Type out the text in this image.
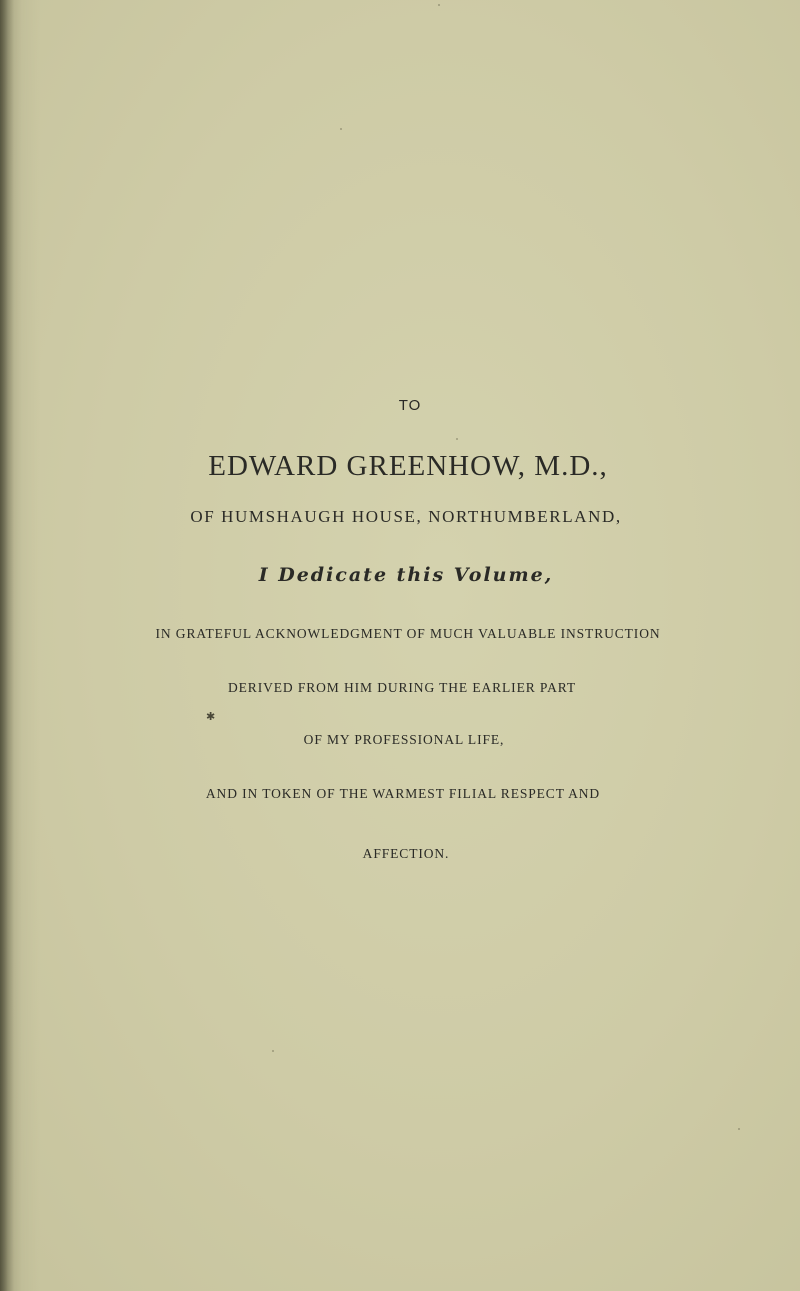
TO
EDWARD GREENHOW, M.D.,
OF HUMSHAUGH HOUSE, NORTHUMBERLAND,
I Dedicate this Volume,
IN GRATEFUL ACKNOWLEDGMENT OF MUCH VALUABLE INSTRUCTION
DERIVED FROM HIM DURING THE EARLIER PART
✱
OF MY PROFESSIONAL LIFE,
AND IN TOKEN OF THE WARMEST FILIAL RESPECT AND
AFFECTION.
